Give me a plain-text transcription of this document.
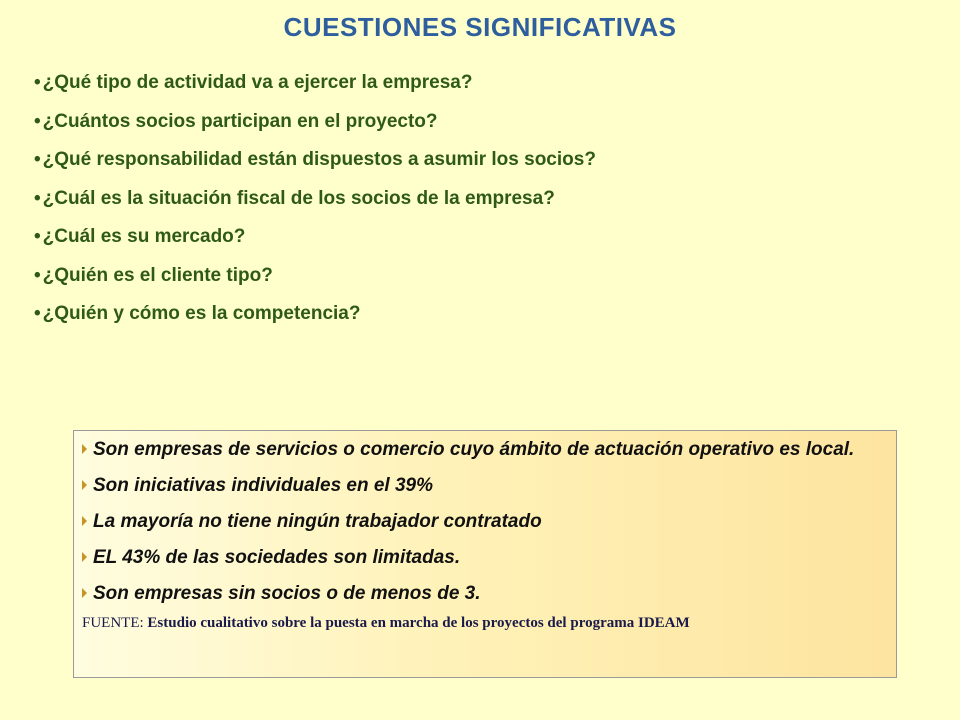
CUESTIONES SIGNIFICATIVAS
• ¿Qué tipo de actividad va a ejercer la empresa?
• ¿Cuántos socios participan en el proyecto?
• ¿Qué responsabilidad están dispuestos a asumir los socios?
• ¿Cuál es la situación fiscal de los socios de la empresa?
• ¿Cuál es su mercado?
• ¿Quién es el cliente tipo?
• ¿Quién y cómo es la competencia?
Son empresas de servicios o comercio cuyo ámbito de actuación operativo es local.
Son iniciativas individuales en el 39%
La mayoría no tiene ningún trabajador contratado
EL 43% de las sociedades son limitadas.
Son empresas sin socios o de menos de 3.
FUENTE: Estudio cualitativo sobre la puesta en marcha de los proyectos del programa IDEAM
